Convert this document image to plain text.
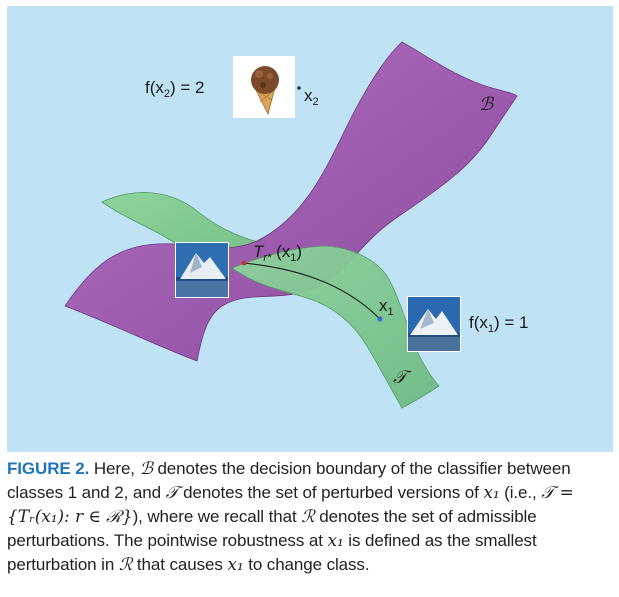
$f(x_2) = 2$	$x_2$	ℬ
$T_{r*}$ $(x_1)$
$x_1$
$f(x_1) = 1$
𝒯
FIGURE 2. Here, ℬ denotes the decision boundary of the classifier between classes 1 and 2, and 𝒯 denotes the set of perturbed versions of x₁ (i.e., 𝒯 = {Tᵣ(x₁): r ∈ ℛ}), where we recall that ℛ denotes the set of admissible perturbations. The pointwise robustness at x₁ is defined as the smallest perturbation in ℛ that causes x₁ to change class.
